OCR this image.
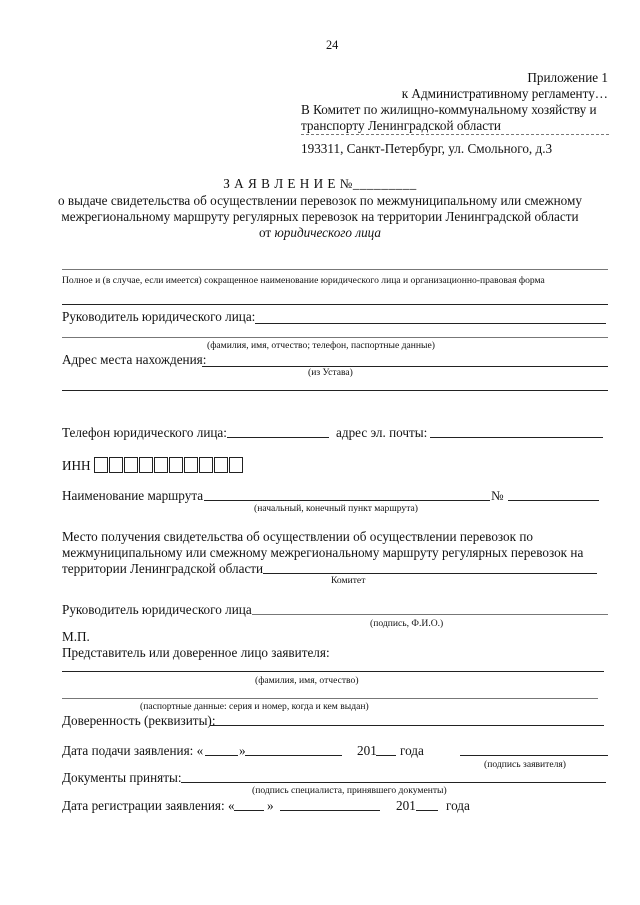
24
Приложение 1
к Административному регламенту…
В Комитет по жилищно-коммунальному хозяйству и
транспорту Ленинградской области
193311, Санкт-Петербург, ул. Смольного, д.3
З А Я В Л Е Н И Е №_________
о выдаче свидетельства об осуществлении перевозок по межмуниципальному или смежному
межрегиональному маршруту регулярных перевозок на территории Ленинградской области
от юридического лица
Полное и (в случае, если имеется) сокращенное наименование юридического лица и организационно-правовая форма
Руководитель юридического лица:
(фамилия, имя, отчество; телефон, паспортные данные)
Адрес места нахождения:
(из Устава)
Телефон юридического лица:	адрес эл. почты:
ИНН
Наименование маршрута	№
(начальный, конечный пункт маршрута)
Место получения свидетельства об осуществлении об осуществлении перевозок по
межмуниципальному или смежному межрегиональному маршруту регулярных перевозок на
территории Ленинградской области
Комитет
Руководитель юридического лица
(подпись, Ф.И.О.)
М.П.
Представитель или доверенное лицо заявителя:
(фамилия, имя, отчество)
(паспортные данные: серия и номер, когда и кем выдан)
Доверенность (реквизиты):
Дата подачи заявления: «	»	201 года
(подпись заявителя)
Документы приняты:
(подпись специалиста, принявшего документы)
Дата регистрации заявления: « »	201 года
